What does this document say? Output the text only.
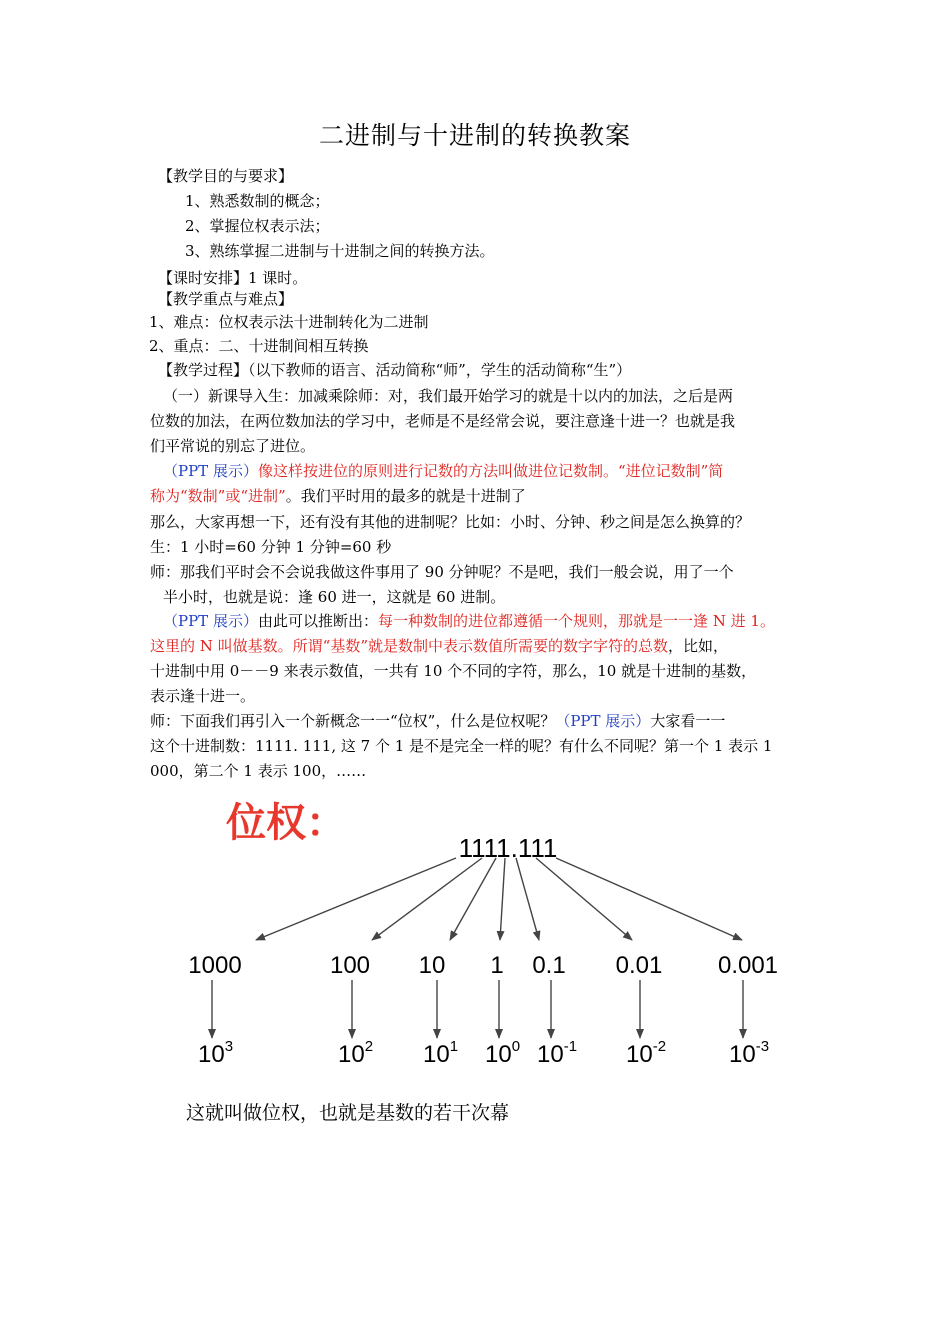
二进制与十进制的转换教案
【教学目的与要求】
1、熟悉数制的概念；
2、掌握位权表示法；
3、熟练掌握二进制与十进制之间的转换方法。
【课时安排】1 课时。
【教学重点与难点】
1、难点：位权表示法十进制转化为二进制
2、重点：二、十进制间相互转换
【教学过程】（以下教师的语言、活动简称“师”，学生的活动简称“生”）
（一）新课导入生：加减乘除师：对，我们最开始学习的就是十以内的加法，之后是两
位数的加法，在两位数加法的学习中，老师是不是经常会说，要注意逢十进一？也就是我
们平常说的别忘了进位。
（PPT 展示）像这样按进位的原则进行记数的方法叫做进位记数制。“进位记数制”简
称为“数制”或“进制”。我们平时用的最多的就是十进制了
那么，大家再想一下，还有没有其他的进制呢？比如：小时、分钟、秒之间是怎么换算的？
生：1 小时=60 分钟 1 分钟=60 秒
师：那我们平时会不会说我做这件事用了 90 分钟呢？不是吧，我们一般会说，用了一个
半小时，也就是说：逢 60 进一，这就是 60 进制。
（PPT 展示）由此可以推断出：每一种数制的进位都遵循一个规则，那就是一一逢 N 进 1。
这里的 N 叫做基数。所谓“基数”就是数制中表示数值所需要的数字字符的总数，比如，
十进制中用 0－－9 来表示数值，一共有 10 个不同的字符，那么，10 就是十进制的基数，
表示逢十进一。
师：下面我们再引入一个新概念一一“位权”，什么是位权呢？（PPT 展示）大家看一一
这个十进制数：1111. 111, 这 7 个 1 是不是完全一样的呢？有什么不同呢？第一个 1 表示 1
000，第二个 1 表示 100，……
位权：
1111.111
1000	100 10 1 0.1 0.01 0.001
$10^3$	$10^2$ $10^1$ $10^0$ $10^{-1}$ $10^{-2}$	$10^{-3}$
这就叫做位权，也就是基数的若干次幕
